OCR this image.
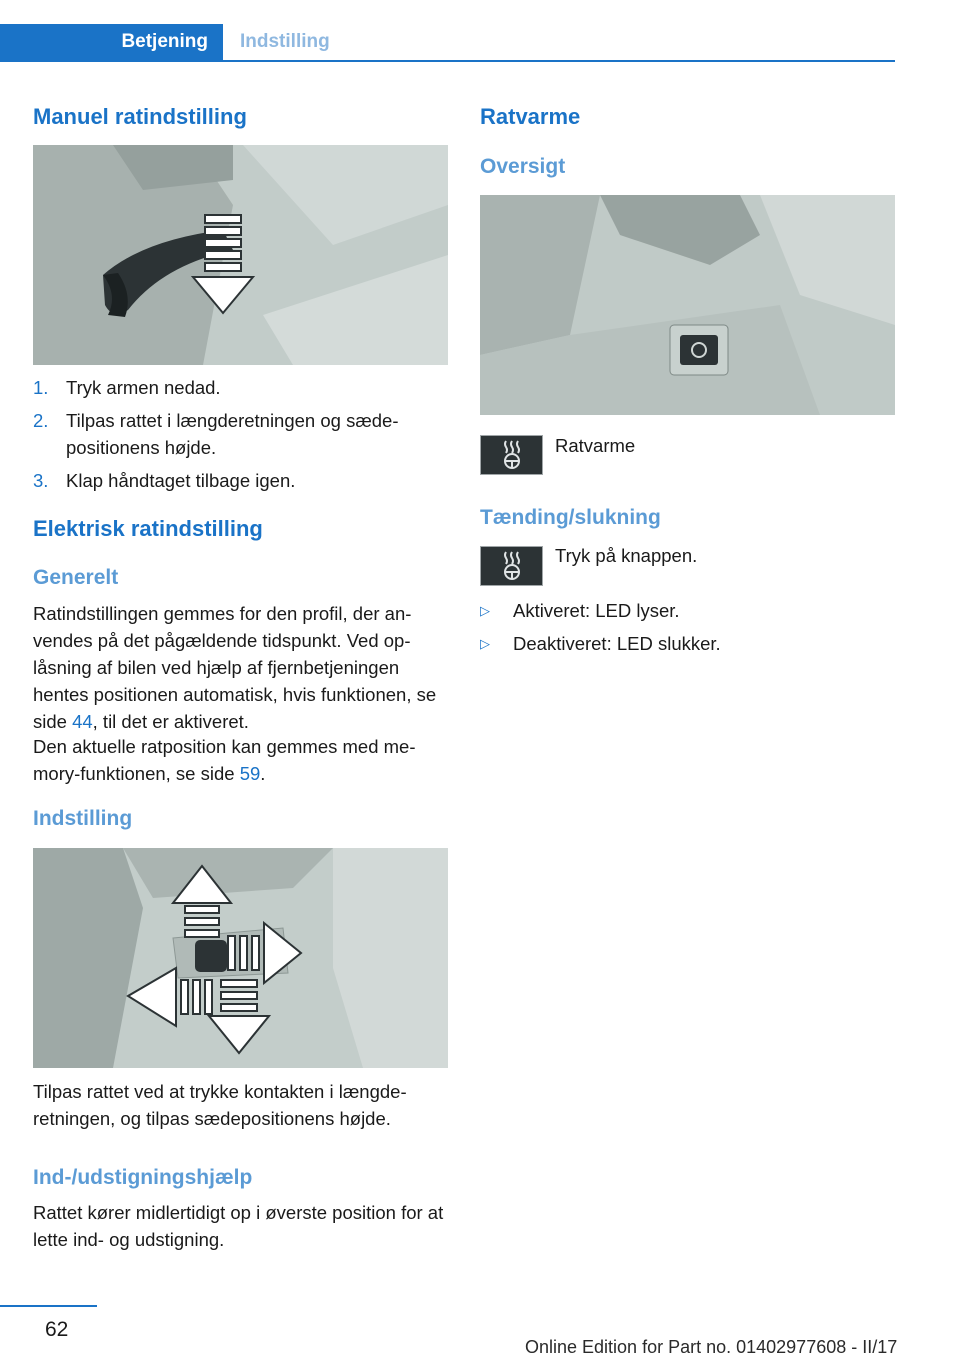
Betjening	Indstilling
Manuel ratindstilling
1. Tryk armen nedad.
2. Tilpas rattet i længderetningen og sædepositionens højde.
3. Klap håndtaget tilbage igen.
Elektrisk ratindstilling
Generelt

Ratindstillingen gemmes for den profil, der anvendes på det pågældende tidspunkt. Ved oplåsning af bilen ved hjælp af fjernbetjeningen hentes positionen automatisk, hvis funktionen, se side 44, til det er aktiveret.

Den aktuelle ratposition kan gemmes med memory-funktionen, se side 59.

Indstilling

Tilpas rattet ved at trykke kontakten i længderetningen, og tilpas sædepositionens højde.

Ind-/udstigningshjælp

Rattet kører midlertidigt op i øverste position for at lette ind- og udstigning.

Ratvarme
Oversigt

Ratvarme

Tænding/slukning

Tryk på knappen.

▷ Aktiveret: LED lyser.
▷ Deaktiveret: LED slukker.
62
Online Edition for Part no. 01402977608 - II/17
